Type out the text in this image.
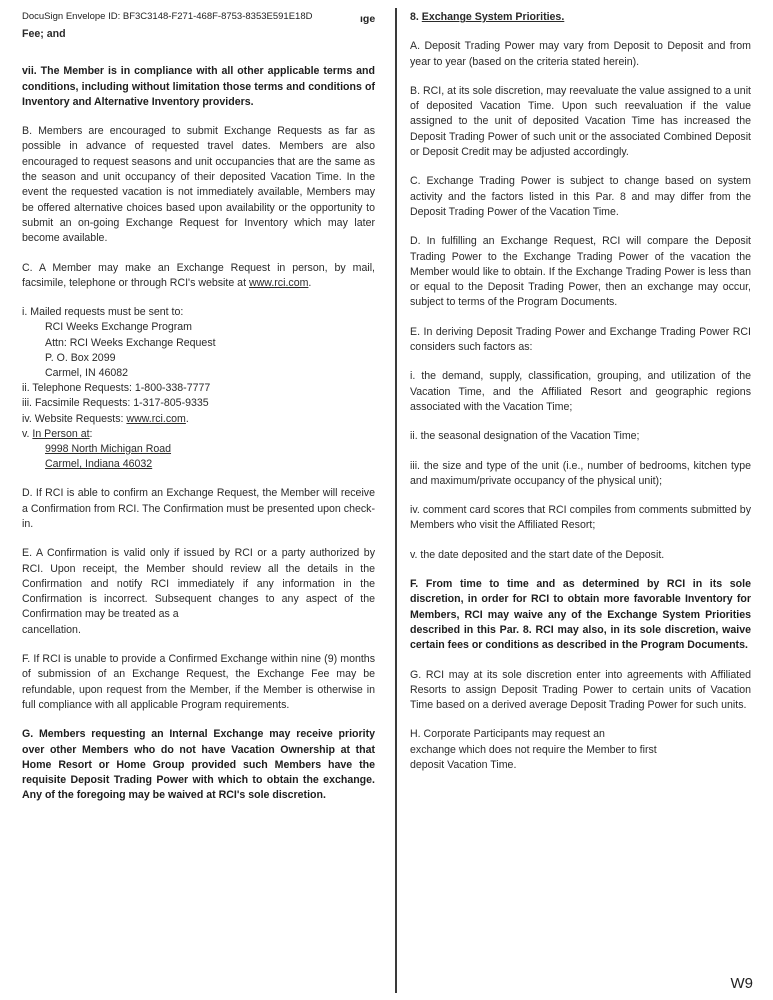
DocuSign Envelope ID: BF3C3148-F271-468F-8753-8353E591E18D	ıge

Fee; and

vii. The Member is in compliance with all other applicable terms and conditions, including without limitation those terms and conditions of Inventory and Alternative Inventory providers.

B. Members are encouraged to submit Exchange Requests as far as possible in advance of requested travel dates. Members are also encouraged to request seasons and unit occupancies that are the same as the season and unit occupancy of their deposited Vacation Time. In the event the requested vacation is not immediately available, Members may be offered alternative choices based upon availability or the opportunity to submit an on-going Exchange Request for Inventory which may later become available.

C. A Member may make an Exchange Request in person, by mail, facsimile, telephone or through RCI's website at www.rci.com.

i. Mailed requests must be sent to:
RCI Weeks Exchange Program
Attn: RCI Weeks Exchange Request
P. O. Box 2099
Carmel, IN 46082
ii. Telephone Requests: 1-800-338-7777
iii. Facsimile Requests: 1-317-805-9335
iv. Website Requests: www.rci.com.
v. In Person at:
9998 North Michigan Road
Carmel, Indiana 46032

D. If RCI is able to confirm an Exchange Request, the Member will receive a Confirmation from RCI. The Confirmation must be presented upon check-in.

E. A Confirmation is valid only if issued by RCI or a party authorized by RCI. Upon receipt, the Member should review all the details in the Confirmation and notify RCI immediately if any information in the Confirmation is incorrect. Subsequent changes to any aspect of the Confirmation may be treated as a

cancellation.

F. If RCI is unable to provide a Confirmed Exchange within nine (9) months of submission of an Exchange Request, the Exchange Fee may be refundable, upon request from the Member, if the Member is otherwise in full compliance with all applicable Program requirements.

G. Members requesting an Internal Exchange may receive priority over other Members who do not have Vacation Ownership at that Home Resort or Home Group provided such Members have the requisite Deposit Trading Power with which to obtain the exchange. Any of the foregoing may be waived at RCI's sole discretion.

8. Exchange System Priorities.

A. Deposit Trading Power may vary from Deposit to Deposit and from year to year (based on the criteria stated herein).

B. RCI, at its sole discretion, may reevaluate the value assigned to a unit of deposited Vacation Time. Upon such reevaluation if the value assigned to the unit of deposited Vacation Time has increased the Deposit Trading Power of such unit or the associated Combined Deposit or Deposit Credit may be adjusted accordingly.

C. Exchange Trading Power is subject to change based on system activity and the factors listed in this Par. 8 and may differ from the Deposit Trading Power of the Vacation Time.

D. In fulfilling an Exchange Request, RCI will compare the Deposit Trading Power to the Exchange Trading Power of the vacation the Member would like to obtain. If the Exchange Trading Power is less than or equal to the Deposit Trading Power, then an exchange may occur, subject to terms of the Program Documents.

E. In deriving Deposit Trading Power and Exchange Trading Power RCI considers such factors as:

i. the demand, supply, classification, grouping, and utilization of the Vacation Time, and the Affiliated Resort and geographic regions associated with the Vacation Time;

ii. the seasonal designation of the Vacation Time;

iii. the size and type of the unit (i.e., number of bedrooms, kitchen type and maximum/private occupancy of the physical unit);

iv. comment card scores that RCI compiles from comments submitted by Members who visit the Affiliated Resort;

v. the date deposited and the start date of the Deposit.

F. From time to time and as determined by RCI in its sole discretion, in order for RCI to obtain more favorable Inventory for Members, RCI may waive any of the Exchange System Priorities described in this Par. 8. RCI may also, in its sole discretion, waive certain fees or conditions as described in the Program Documents.

G. RCI may at its sole discretion enter into agreements with Affiliated Resorts to assign Deposit Trading Power to certain units of Vacation Time based on a derived average Deposit Trading Power for such units.

H. Corporate Participants may request an
exchange which does not require the Member to first
deposit Vacation Time.
W9
